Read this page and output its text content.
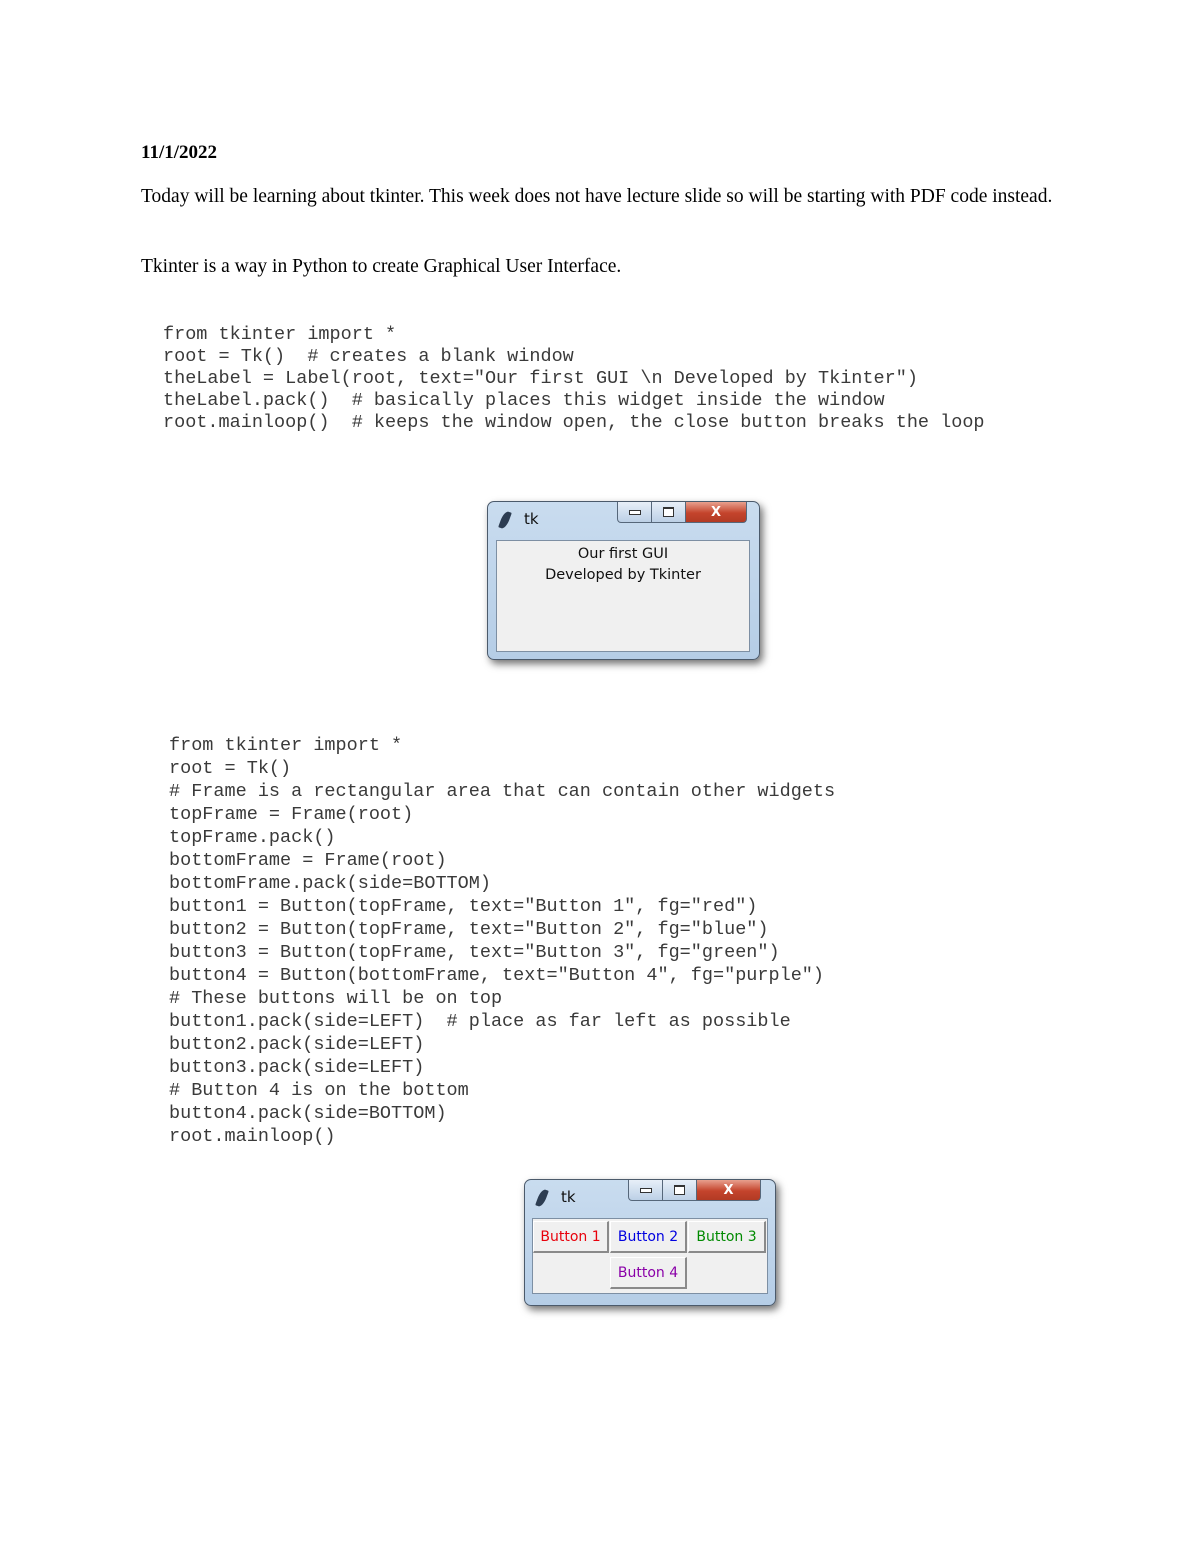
11/1/2022
Today will be learning about tkinter. This week does not have lecture slide so will be starting with PDF code instead.
Tkinter is a way in Python to create Graphical User Interface.
from tkinter import *
root = Tk()  # creates a blank window
theLabel = Label(root, text="Our first GUI \n Developed by Tkinter")
theLabel.pack()  # basically places this widget inside the window
root.mainloop()  # keeps the window open, the close button breaks the loop
tk	X
Our first GUI
Developed by Tkinter
from tkinter import *
root = Tk()
# Frame is a rectangular area that can contain other widgets
topFrame = Frame(root)
topFrame.pack()
bottomFrame = Frame(root)
bottomFrame.pack(side=BOTTOM)
button1 = Button(topFrame, text="Button 1", fg="red")
button2 = Button(topFrame, text="Button 2", fg="blue")
button3 = Button(topFrame, text="Button 3", fg="green")
button4 = Button(bottomFrame, text="Button 4", fg="purple")
# These buttons will be on top
button1.pack(side=LEFT)  # place as far left as possible
button2.pack(side=LEFT)
button3.pack(side=LEFT)
# Button 4 is on the bottom
button4.pack(side=BOTTOM)
root.mainloop()
tk	X
Button 1 Button 2 Button 3
Button 4
